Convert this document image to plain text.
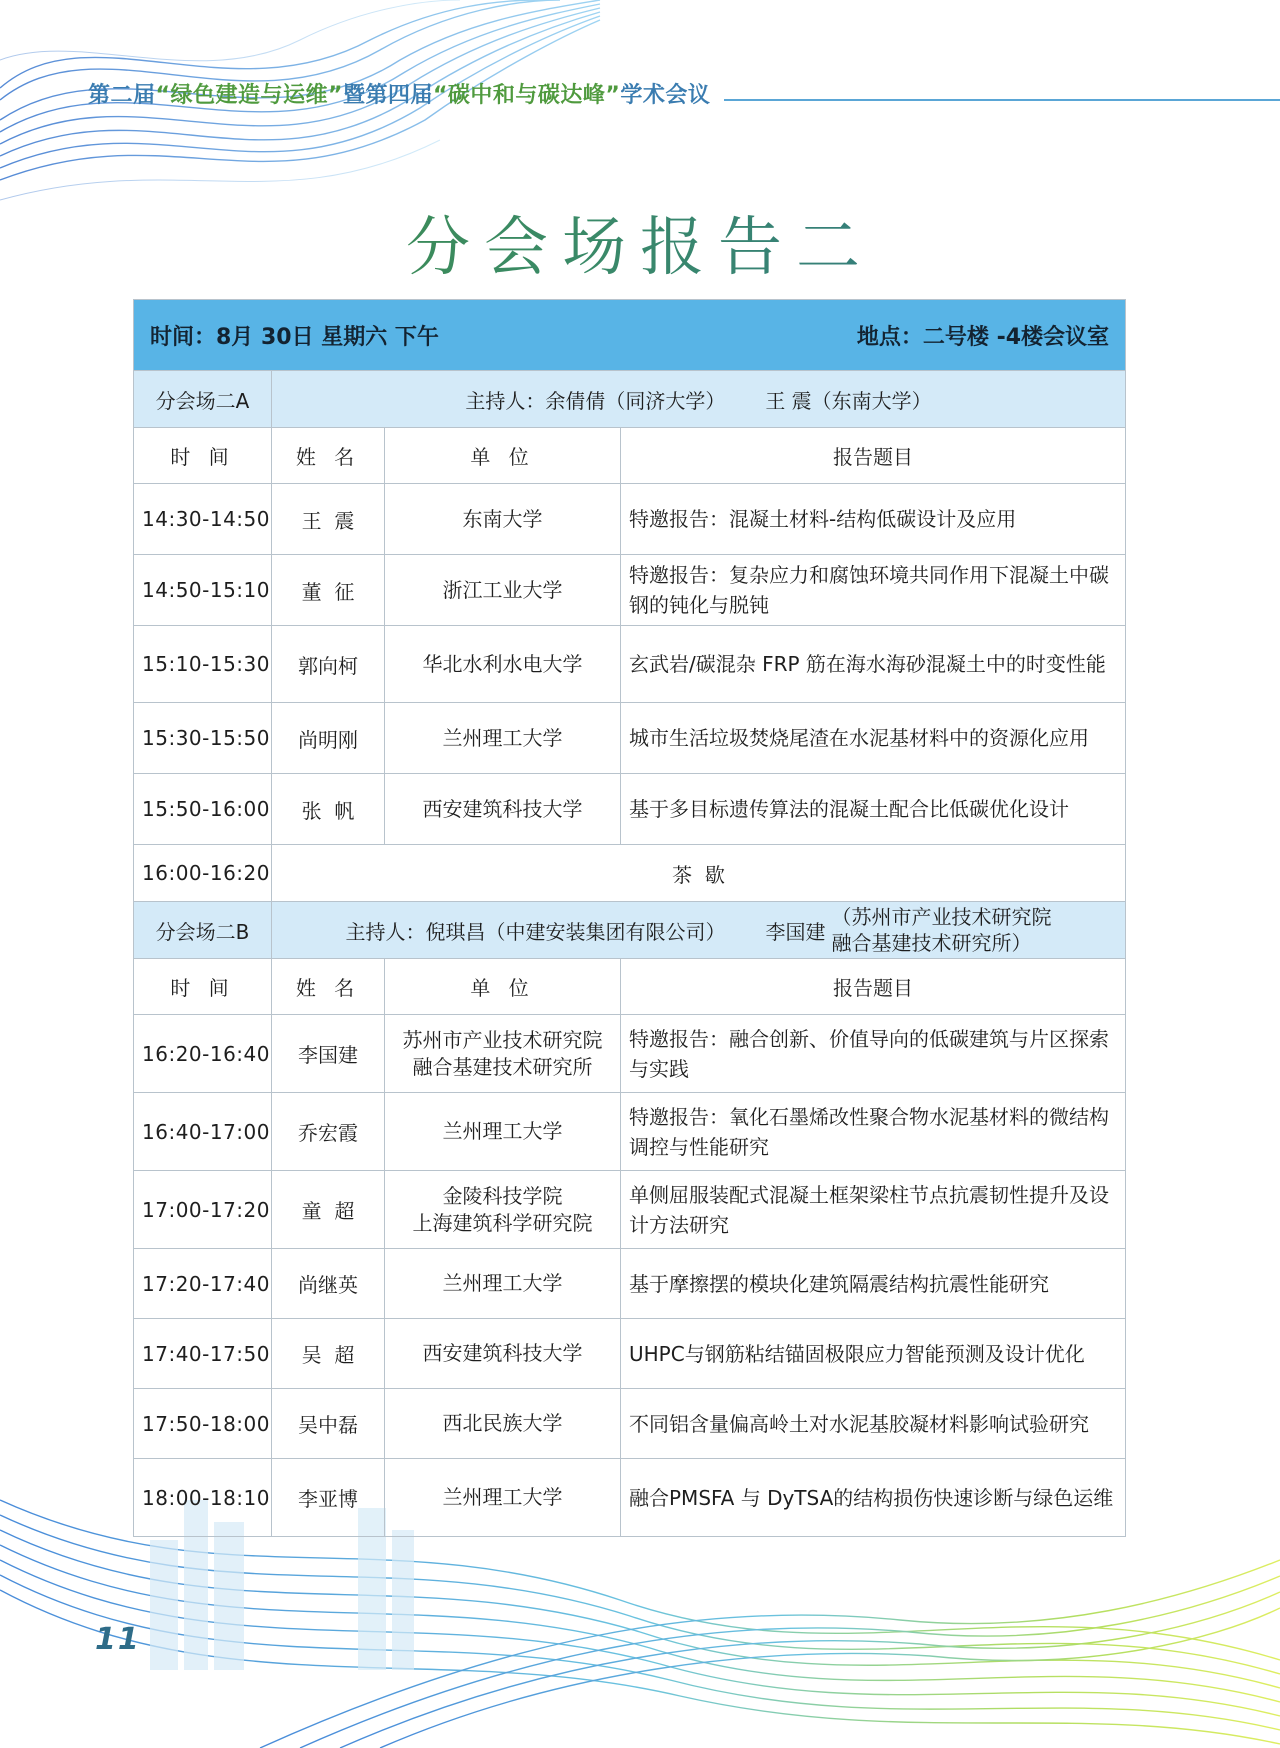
第二届“绿色建造与运维”暨第四届“碳中和与碳达峰”学术会议
分会场报告二
时间：8月 30日 星期六 下午 地点：二号楼 -4楼会议室			

分会场二A	主持人：余倩倩（同济大学） 王 震（东南大学）		

时 间	姓 名	单 位	报告题目
14:30-14:50	王  震	东南大学	特邀报告：混凝土材料-结构低碳设计及应用
14:50-15:10	董  征	浙江工业大学	特邀报告：复杂应力和腐蚀环境共同作用下混凝土中碳钢的钝化与脱钝
15:10-15:30	郭向柯	华北水利水电大学	玄武岩/碳混杂 FRP 筋在海水海砂混凝土中的时变性能
15:30-15:50	尚明刚	兰州理工大学	城市生活垃圾焚烧尾渣在水泥基材料中的资源化应用
15:50-16:00	张  帆	西安建筑科技大学	基于多目标遗传算法的混凝土配合比低碳优化设计
16:00-16:20	茶  歇		
分会场二B	主持人：倪琪昌（中建安装集团有限公司） 李国建
（苏州市产业技术研究院
融合基建技术研究所）		

时 间	姓 名	单 位	报告题目
16:20-16:40	李国建	苏州市产业技术研究院
融合基建技术研究所	特邀报告：融合创新、价值导向的低碳建筑与片区探索与实践
16:40-17:00	乔宏霞	兰州理工大学	特邀报告：氧化石墨烯改性聚合物水泥基材料的微结构调控与性能研究
17:00-17:20	童  超	金陵科技学院
上海建筑科学研究院	单侧屈服装配式混凝土框架梁柱节点抗震韧性提升及设计方法研究
17:20-17:40	尚继英	兰州理工大学	基于摩擦摆的模块化建筑隔震结构抗震性能研究
17:40-17:50	吴  超	西安建筑科技大学	UHPC与钢筋粘结锚固极限应力智能预测及设计优化
17:50-18:00	吴中磊	西北民族大学	不同铝含量偏高岭土对水泥基胶凝材料影响试验研究
18:00-18:10	李亚博	兰州理工大学	融合PMSFA 与 DyTSA的结构损伤快速诊断与绿色运维
11
